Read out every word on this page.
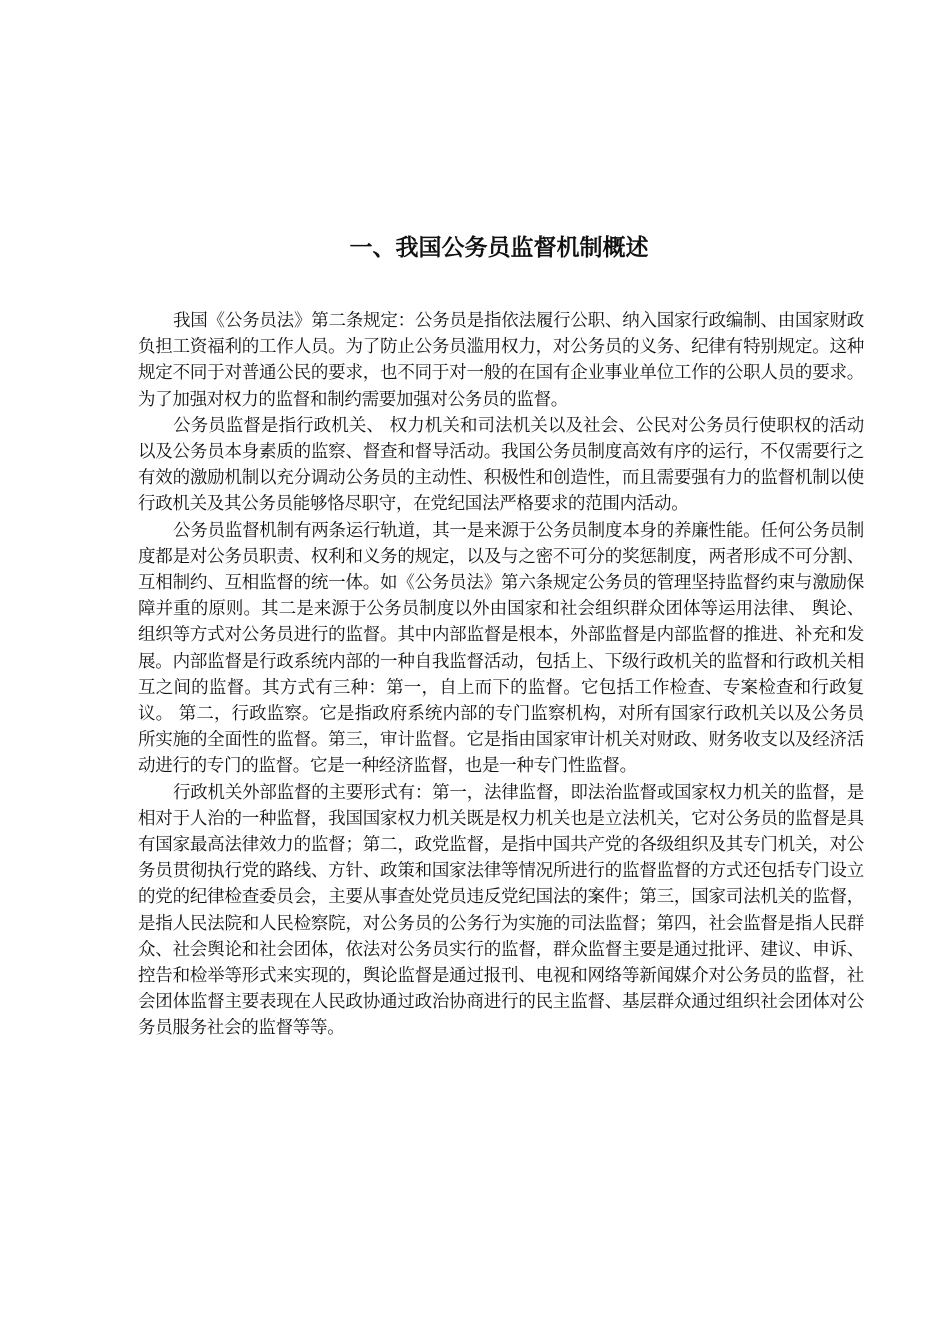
一、我国公务员监督机制概述

我国《公务员法》第二条规定：公务员是指依法履行公职、纳入国家行政编制、由国家财政负担工资福利的工作人员。为了防止公务员滥用权力，对公务员的义务、纪律有特别规定。这种规定不同于对普通公民的要求，也不同于对一般的在国有企业事业单位工作的公职人员的要求。为了加强对权力的监督和制约需要加强对公务员的监督。

公务员监督是指行政机关、 权力机关和司法机关以及社会、公民对公务员行使职权的活动以及公务员本身素质的监察、督查和督导活动。我国公务员制度高效有序的运行，不仅需要行之有效的激励机制以充分调动公务员的主动性、积极性和创造性，而且需要强有力的监督机制以使行政机关及其公务员能够恪尽职守，在党纪国法严格要求的范围内活动。

公务员监督机制有两条运行轨道，其一是来源于公务员制度本身的养廉性能。任何公务员制度都是对公务员职责、权利和义务的规定，以及与之密不可分的奖惩制度，两者形成不可分割、互相制约、互相监督的统一体。如《公务员法》第六条规定公务员的管理坚持监督约束与激励保障并重的原则。其二是来源于公务员制度以外由国家和社会组织群众团体等运用法律、 舆论、组织等方式对公务员进行的监督。其中内部监督是根本，外部监督是内部监督的推进、补充和发展。内部监督是行政系统内部的一种自我监督活动，包括上、下级行政机关的监督和行政机关相互之间的监督。其方式有三种：第一，自上而下的监督。它包括工作检查、专案检查和行政复议。 第二，行政监察。它是指政府系统内部的专门监察机构，对所有国家行政机关以及公务员所实施的全面性的监督。第三，审计监督。它是指由国家审计机关对财政、财务收支以及经济活动进行的专门的监督。它是一种经济监督，也是一种专门性监督。

行政机关外部监督的主要形式有：第一，法律监督，即法治监督或国家权力机关的监督，是相对于人治的一种监督，我国国家权力机关既是权力机关也是立法机关，它对公务员的监督是具有国家最高法律效力的监督；第二，政党监督，是指中国共产党的各级组织及其专门机关，对公务员贯彻执行党的路线、方针、政策和国家法律等情况所进行的监督监督的方式还包括专门设立的党的纪律检查委员会，主要从事查处党员违反党纪国法的案件；第三，国家司法机关的监督，是指人民法院和人民检察院，对公务员的公务行为实施的司法监督；第四，社会监督是指人民群众、社会舆论和社会团体，依法对公务员实行的监督，群众监督主要是通过批评、建议、申诉、控告和检举等形式来实现的，舆论监督是通过报刊、电视和网络等新闻媒介对公务员的监督，社会团体监督主要表现在人民政协通过政治协商进行的民主监督、基层群众通过组织社会团体对公务员服务社会的监督等等。
